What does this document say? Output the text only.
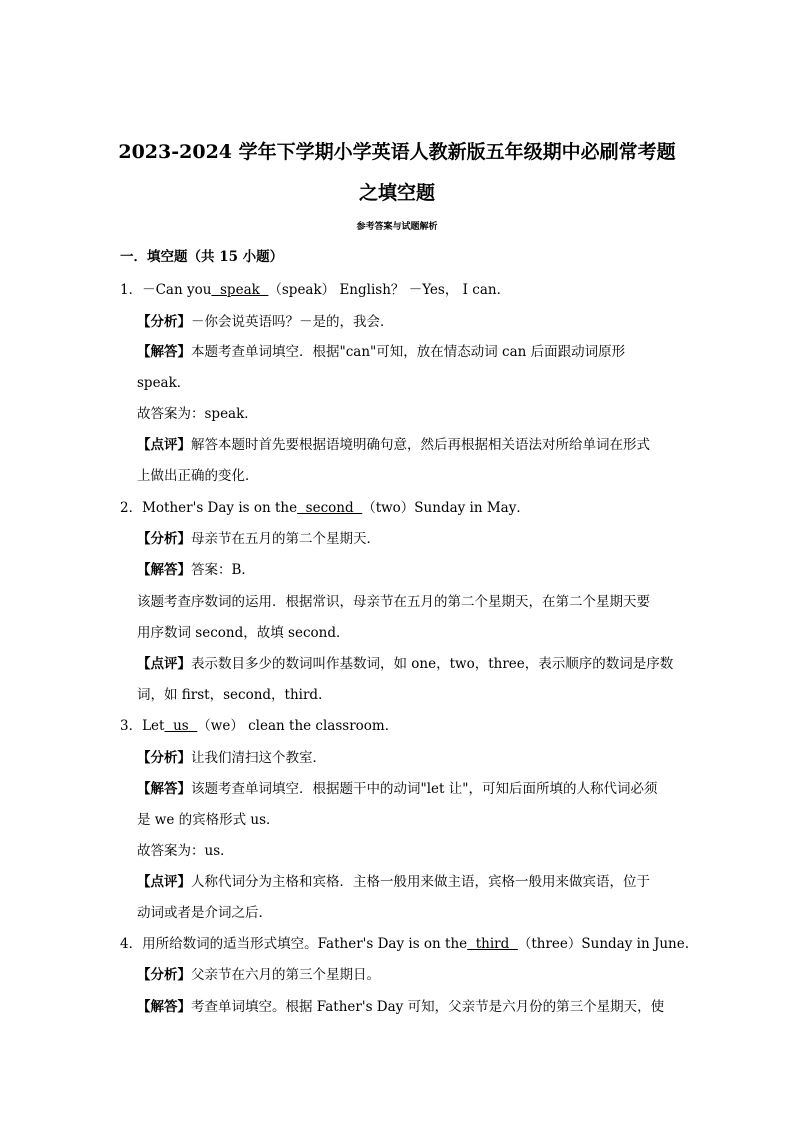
2023-2024 学年下学期小学英语人教新版五年级期中必刷常考题
之填空题
参考答案与试题解析
一．填空题（共 15 小题）
1．－Can you  speak  （speak） English？ －Yes， I can．
【分析】－你会说英语吗？－是的，我会．
【解答】本题考查单词填空．根据"can"可知，放在情态动词 can 后面跟动词原形
speak．
故答案为：speak．
【点评】解答本题时首先要根据语境明确句意，然后再根据相关语法对所给单词在形式
上做出正确的变化．
2．Mother's Day is on the  second  （two）Sunday in May．
【分析】母亲节在五月的第二个星期天．
【解答】答案：B．
该题考查序数词的运用．根据常识，母亲节在五月的第二个星期天，在第二个星期天要
用序数词 second，故填 second．
【点评】表示数目多少的数词叫作基数词，如 one，two，three，表示顺序的数词是序数
词，如 first，second，third．
3．Let  us  （we） clean the classroom．
【分析】让我们清扫这个教室．
【解答】该题考查单词填空．根据题干中的动词"let 让"，可知后面所填的人称代词必须
是 we 的宾格形式 us．
故答案为：us．
【点评】人称代词分为主格和宾格．主格一般用来做主语，宾格一般用来做宾语，位于
动词或者是介词之后．
4．用所给数词的适当形式填空。Father's Day is on the  third  （three）Sunday in June.
【分析】父亲节在六月的第三个星期日。
【解答】考查单词填空。根据 Father's Day 可知，父亲节是六月份的第三个星期天，使
